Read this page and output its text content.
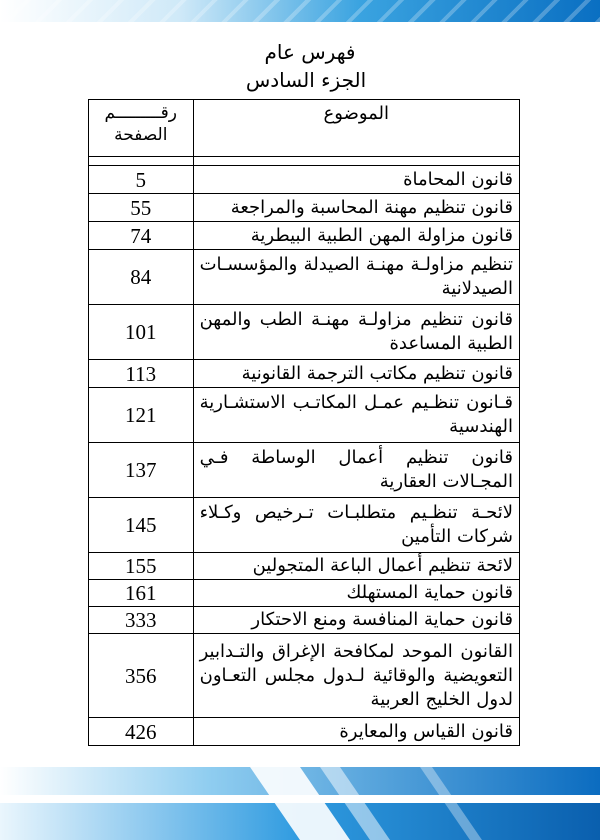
فهرس عام
الجزء السادس
الموضوع	رقـــــــــم
الصفحة

قانون المحاماة	5
قانون تنظيم مهنة المحاسبة والمراجعة	55
قانون مزاولة المهن الطبية البيطرية	74
تنظيم مزاولـة مهنـة الصيدلة والمؤسسـات الصيدلانية	84
قانون تنظيم مزاولـة مهنـة الطب والمهن الطبية المساعدة	101
قانون تنظيم مكاتب الترجمة القانونية	113
قـانون تنظـيم عمـل المكاتـب الاستشـارية الهندسية	121
قانون تنظيم أعمال الوساطة فـي المجـالات العقارية	137
لائحـة تنظـيم متطلبـات تـرخيص وكـلاء شركات التأمين	145
لائحة تنظيم أعمال الباعة المتجولين	155
قانون حماية المستهلك	161
قانون حماية المنافسة ومنع الاحتكار	333
القانون الموحد لمكافحة الإغراق والتـدابير التعويضية والوقائية لـدول مجلس التعـاون لدول الخليج العربية	356
قانون القياس والمعايرة	426
